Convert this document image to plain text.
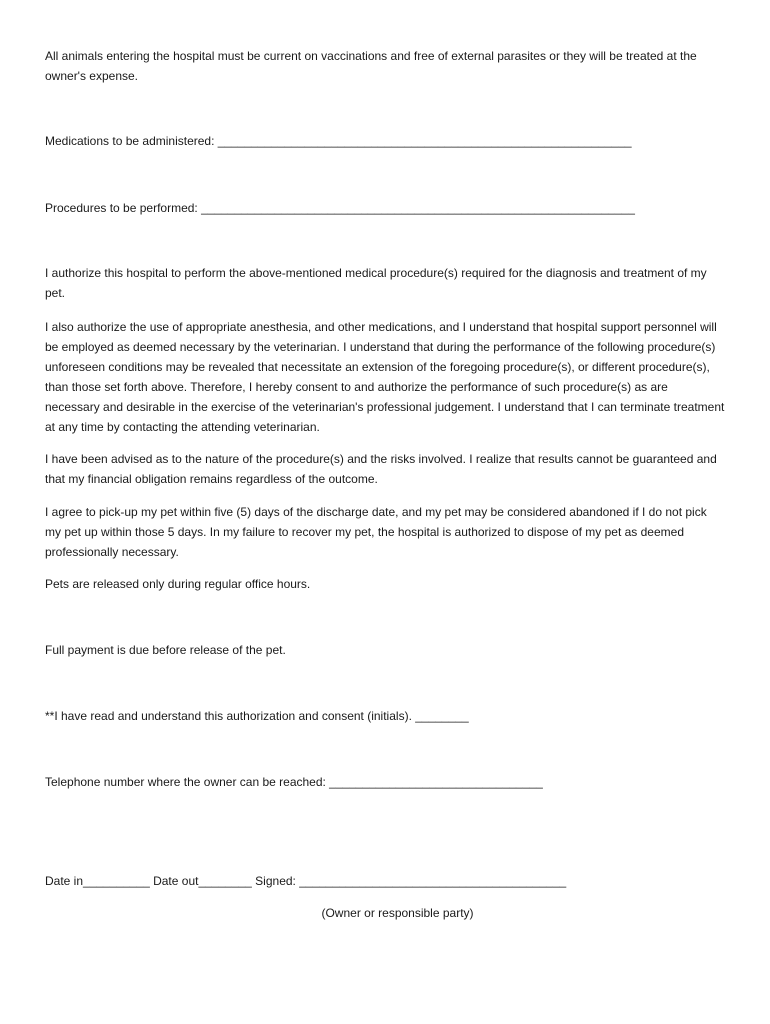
All animals entering the hospital must be current on vaccinations and free of external parasites or they will be treated at the owner's expense.

Medications to be administered: ______________________________________________________________

Procedures to be performed: _________________________________________________________________

I authorize this hospital to perform the above-mentioned medical procedure(s) required for the diagnosis and treatment of my pet.

I also authorize the use of appropriate anesthesia, and other medications, and I understand that hospital support personnel will be employed as deemed necessary by the veterinarian. I understand that during the performance of the following procedure(s) unforeseen conditions may be revealed that necessitate an extension of the foregoing procedure(s), or different procedure(s), than those set forth above. Therefore, I hereby consent to and authorize the performance of such procedure(s) as are necessary and desirable in the exercise of the veterinarian's professional judgement. I understand that I can terminate treatment at any time by contacting the attending veterinarian.

I have been advised as to the nature of the procedure(s) and the risks involved. I realize that results cannot be guaranteed and that my financial obligation remains regardless of the outcome.

I agree to pick-up my pet within five (5) days of the discharge date, and my pet may be considered abandoned if I do not pick my pet up within those 5 days. In my failure to recover my pet, the hospital is authorized to dispose of my pet as deemed professionally necessary.

Pets are released only during regular office hours.

Full payment is due before release of the pet.

**I have read and understand this authorization and consent (initials). ________

Telephone number where the owner can be reached: ________________________________

Date in__________ Date out________ Signed: ________________________________________

(Owner or responsible party)
